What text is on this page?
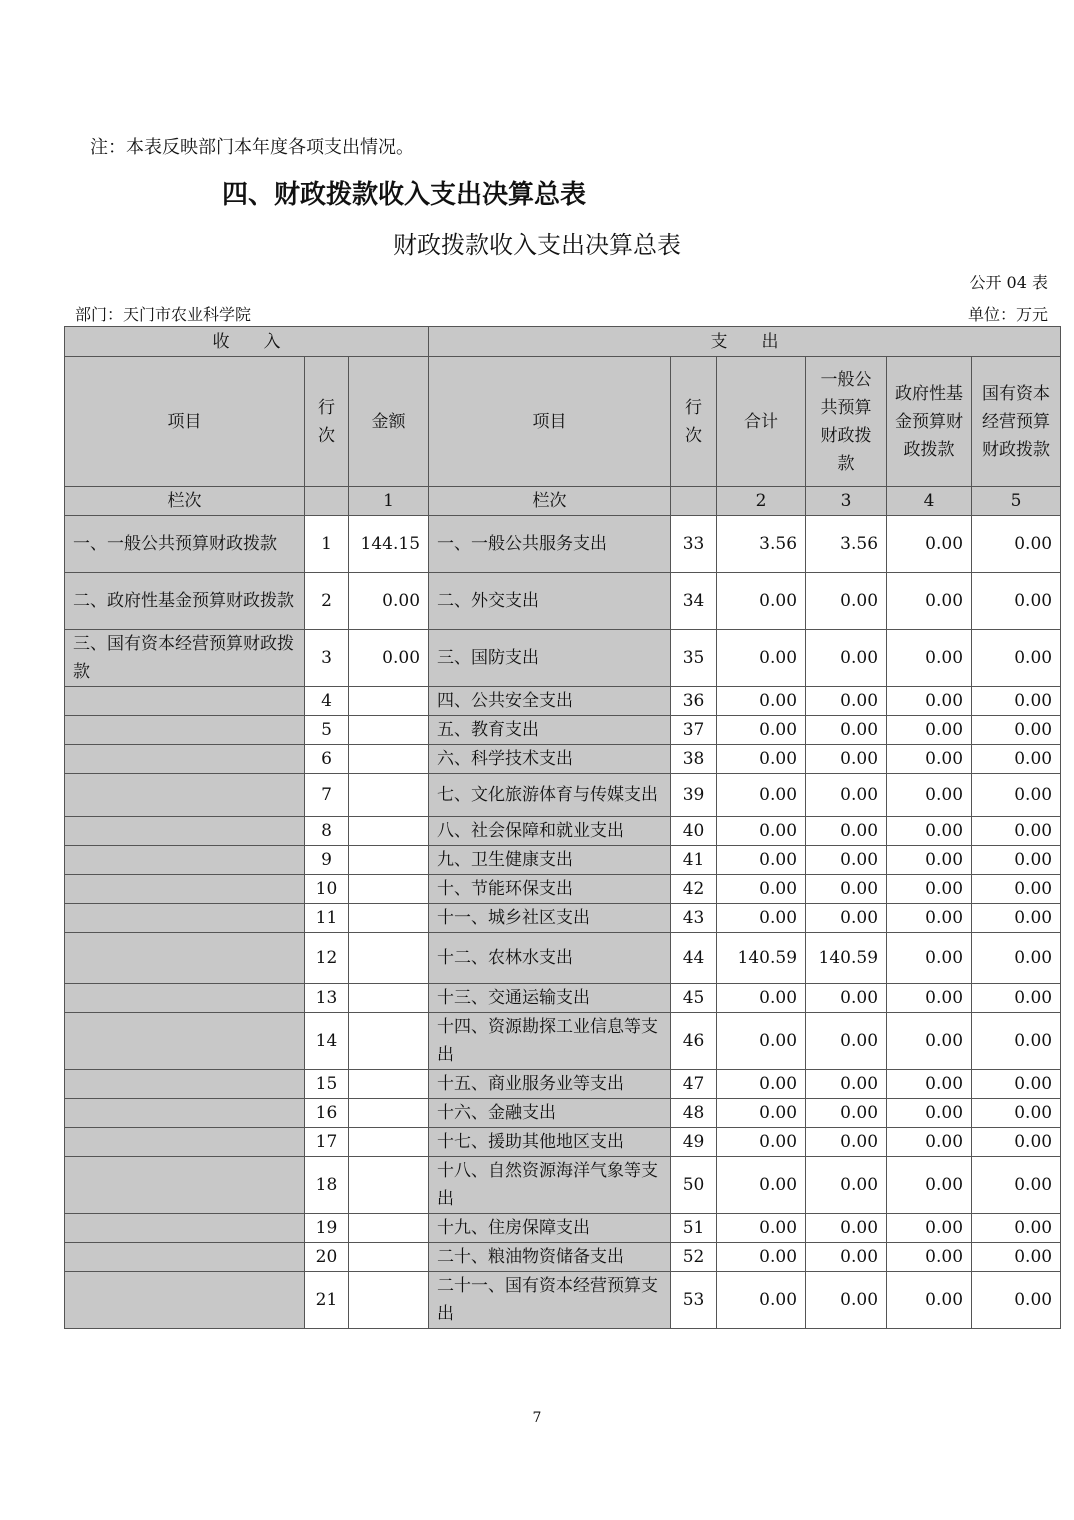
注：本表反映部门本年度各项支出情况。
四、财政拨款收入支出决算总表
财政拨款收入支出决算总表
公开 04 表
部门：天门市农业科学院	单位：万元
收　　入			支　　出					
项目	行次	金额	项目	行次	合计	一般公共预算财政拨款	政府性基金预算财政拨款	国有资本经营预算财政拨款
栏次		1	栏次		2	3	4	5
一、一般公共预算财政拨款	1	144.15	一、一般公共服务支出	33	3.56	3.56	0.00	0.00
二、政府性基金预算财政拨款	2	0.00	二、外交支出	34	0.00	0.00	0.00	0.00
三、国有资本经营预算财政拨款	3	0.00	三、国防支出	35	0.00	0.00	0.00	0.00
	4		四、公共安全支出	36	0.00	0.00	0.00	0.00
	5		五、教育支出	37	0.00	0.00	0.00	0.00
	6		六、科学技术支出	38	0.00	0.00	0.00	0.00
	7		七、文化旅游体育与传媒支出	39	0.00	0.00	0.00	0.00
	8		八、社会保障和就业支出	40	0.00	0.00	0.00	0.00
	9		九、卫生健康支出	41	0.00	0.00	0.00	0.00
	10		十、节能环保支出	42	0.00	0.00	0.00	0.00
	11		十一、城乡社区支出	43	0.00	0.00	0.00	0.00
	12		十二、农林水支出	44	140.59	140.59	0.00	0.00
	13		十三、交通运输支出	45	0.00	0.00	0.00	0.00
	14		十四、资源勘探工业信息等支出	46	0.00	0.00	0.00	0.00
	15		十五、商业服务业等支出	47	0.00	0.00	0.00	0.00
	16		十六、金融支出	48	0.00	0.00	0.00	0.00
	17		十七、援助其他地区支出	49	0.00	0.00	0.00	0.00
	18		十八、自然资源海洋气象等支出	50	0.00	0.00	0.00	0.00
	19		十九、住房保障支出	51	0.00	0.00	0.00	0.00
	20		二十、粮油物资储备支出	52	0.00	0.00	0.00	0.00
	21		二十一、国有资本经营预算支出	53	0.00	0.00	0.00	0.00
7
